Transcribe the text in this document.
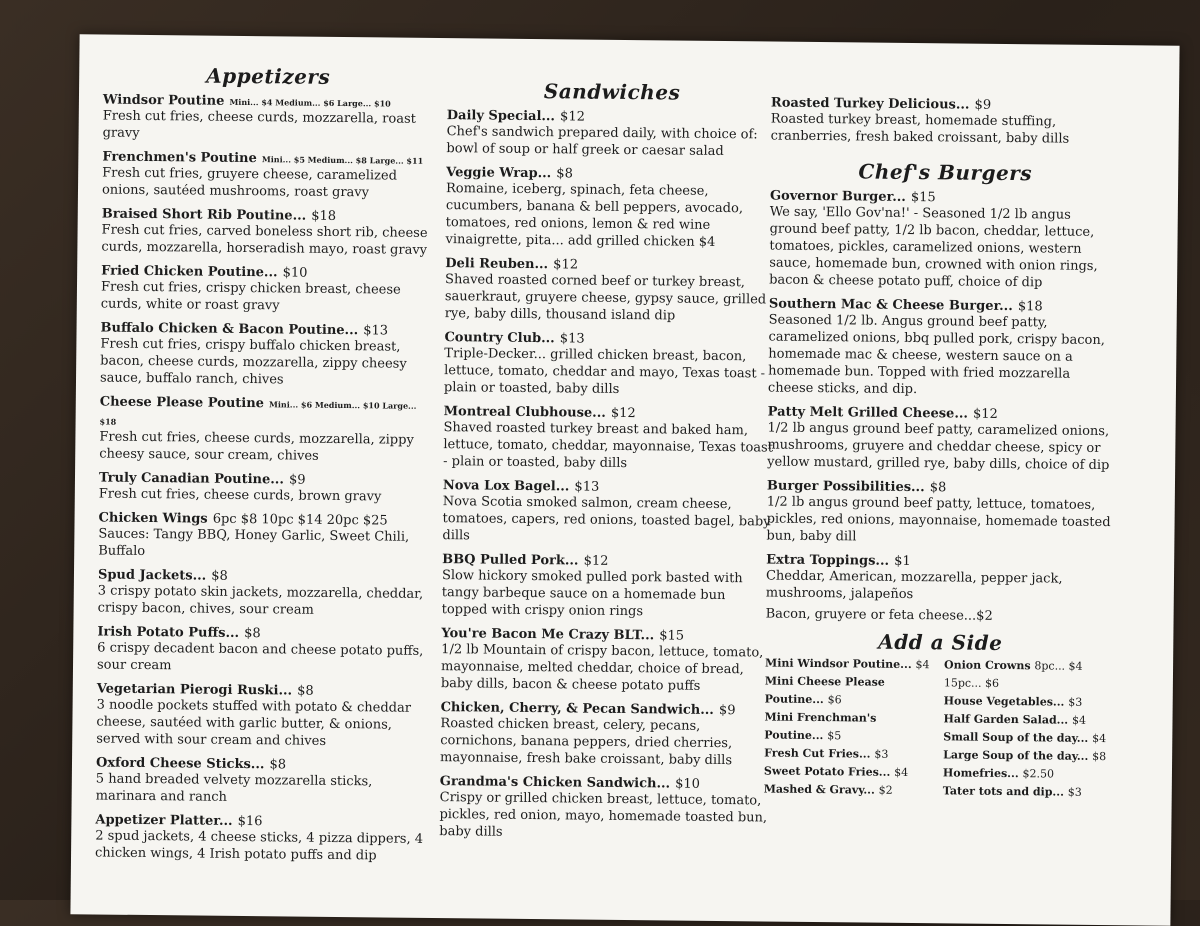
Appetizers
Windsor Poutine Mini... $4 Medium... $6 Large... $10
Fresh cut fries, cheese curds, mozzarella, roast gravy
Frenchmen's Poutine Mini... $5 Medium... $8 Large... $11
Fresh cut fries, gruyere cheese, caramelized onions, sautéed mushrooms, roast gravy
Braised Short Rib Poutine... $18
Fresh cut fries, carved boneless short rib, cheese curds, mozzarella, horseradish mayo, roast gravy
Fried Chicken Poutine... $10
Fresh cut fries, crispy chicken breast, cheese curds, white or roast gravy
Buffalo Chicken & Bacon Poutine... $13
Fresh cut fries, crispy buffalo chicken breast, bacon, cheese curds, mozzarella, zippy cheesy sauce, buffalo ranch, chives
Cheese Please Poutine Mini... $6 Medium... $10 Large... $18
Fresh cut fries, cheese curds, mozzarella, zippy cheesy sauce, sour cream, chives
Truly Canadian Poutine... $9
Fresh cut fries, cheese curds, brown gravy
Chicken Wings 6pc $8 10pc $14 20pc $25
Sauces: Tangy BBQ, Honey Garlic, Sweet Chili, Buffalo
Spud Jackets... $8
3 crispy potato skin jackets, mozzarella, cheddar, crispy bacon, chives, sour cream
Irish Potato Puffs... $8
6 crispy decadent bacon and cheese potato puffs, sour cream
Vegetarian Pierogi Ruski... $8
3 noodle pockets stuffed with potato & cheddar cheese, sautéed with garlic butter, & onions, served with sour cream and chives
Oxford Cheese Sticks... $8
5 hand breaded velvety mozzarella sticks, marinara and ranch
Appetizer Platter... $16
2 spud jackets, 4 cheese sticks, 4 pizza dippers, 4 chicken wings, 4 Irish potato puffs and dip
Sandwiches
Daily Special... $12
Chef's sandwich prepared daily, with choice of: bowl of soup or half greek or caesar salad
Veggie Wrap... $8
Romaine, iceberg, spinach, feta cheese, cucumbers, banana & bell peppers, avocado, tomatoes, red onions, lemon & red wine vinaigrette, pita... add grilled chicken $4
Deli Reuben... $12
Shaved roasted corned beef or turkey breast, sauerkraut, gruyere cheese, gypsy sauce, grilled rye, baby dills, thousand island dip
Country Club... $13
Triple-Decker... grilled chicken breast, bacon, lettuce, tomato, cheddar and mayo, Texas toast - plain or toasted, baby dills
Montreal Clubhouse... $12
Shaved roasted turkey breast and baked ham, lettuce, tomato, cheddar, mayonnaise, Texas toast - plain or toasted, baby dills
Nova Lox Bagel... $13
Nova Scotia smoked salmon, cream cheese, tomatoes, capers, red onions, toasted bagel, baby dills
BBQ Pulled Pork... $12
Slow hickory smoked pulled pork basted with tangy barbeque sauce on a homemade bun topped with crispy onion rings
You're Bacon Me Crazy BLT... $15
1/2 lb Mountain of crispy bacon, lettuce, tomato, mayonnaise, melted cheddar, choice of bread, baby dills, bacon & cheese potato puffs
Chicken, Cherry, & Pecan Sandwich... $9
Roasted chicken breast, celery, pecans, cornichons, banana peppers, dried cherries, mayonnaise, fresh bake croissant, baby dills
Grandma's Chicken Sandwich... $10
Crispy or grilled chicken breast, lettuce, tomato, pickles, red onion, mayo, homemade toasted bun, baby dills
Roasted Turkey Delicious... $9
Roasted turkey breast, homemade stuffing, cranberries, fresh baked croissant, baby dills
Chef's Burgers
Governor Burger... $15
We say, 'Ello Gov'na!' - Seasoned 1/2 lb angus ground beef patty, 1/2 lb bacon, cheddar, lettuce, tomatoes, pickles, caramelized onions, western sauce, homemade bun, crowned with onion rings, bacon & cheese potato puff, choice of dip
Southern Mac & Cheese Burger... $18
Seasoned 1/2 lb. Angus ground beef patty, caramelized onions, bbq pulled pork, crispy bacon, homemade mac & cheese, western sauce on a homemade bun. Topped with fried mozzarella cheese sticks, and dip.
Patty Melt Grilled Cheese... $12
1/2 lb angus ground beef patty, caramelized onions, mushrooms, gruyere and cheddar cheese, spicy or yellow mustard, grilled rye, baby dills, choice of dip
Burger Possibilities... $8
1/2 lb angus ground beef patty, lettuce, tomatoes, pickles, red onions, mayonnaise, homemade toasted bun, baby dill
Extra Toppings... $1
Cheddar, American, mozzarella, pepper jack, mushrooms, jalapeños
Bacon, gruyere or feta cheese...$2
Add a Side
Mini Windsor Poutine... $4
Mini Cheese Please Poutine... $6
Mini Frenchman's Poutine... $5
Fresh Cut Fries... $3
Sweet Potato Fries... $4
Mashed & Gravy... $2
Onion Crowns 8pc... $4 15pc... $6
House Vegetables... $3
Half Garden Salad... $4
Small Soup of the day... $4
Large Soup of the day... $8
Homefries... $2.50
Tater tots and dip... $3
